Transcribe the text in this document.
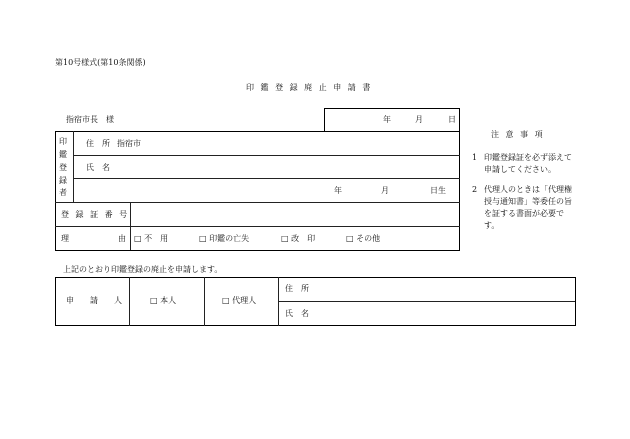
第10号様式(第10条関係)
印 鑑 登 録 廃 止 申 請 書
指宿市長　様	年	月	日
印
鑑
登
録
者
住　所 指宿市
氏　名
年	月	日生
登 録 証 番 号
理	由 □ 不　用	□ 印鑑の亡失	□ 改　印	□ その他
注 意 事 項
1 印鑑登録証を必ず添えて申請してください。
2 代理人のときは「代理権授与通知書」等委任の旨を証する書面が必要です。
上記のとおり印鑑登録の廃止を申請します。
申　　請　　人	□ 本人	□ 代理人
住　所
氏　名
